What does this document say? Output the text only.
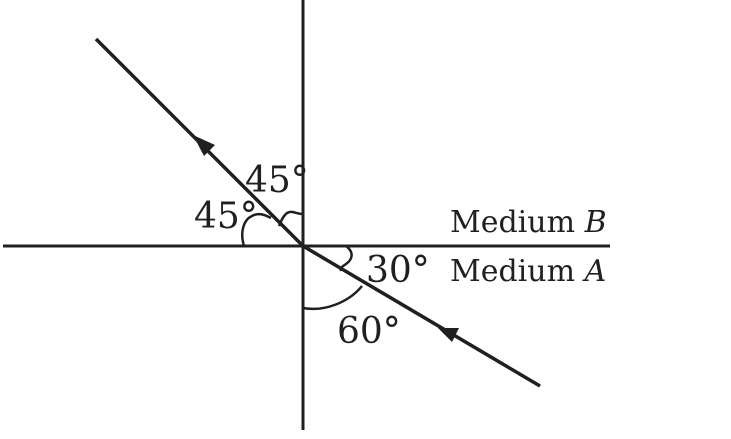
45°
45°
30°
60°
Medium B
Medium A
